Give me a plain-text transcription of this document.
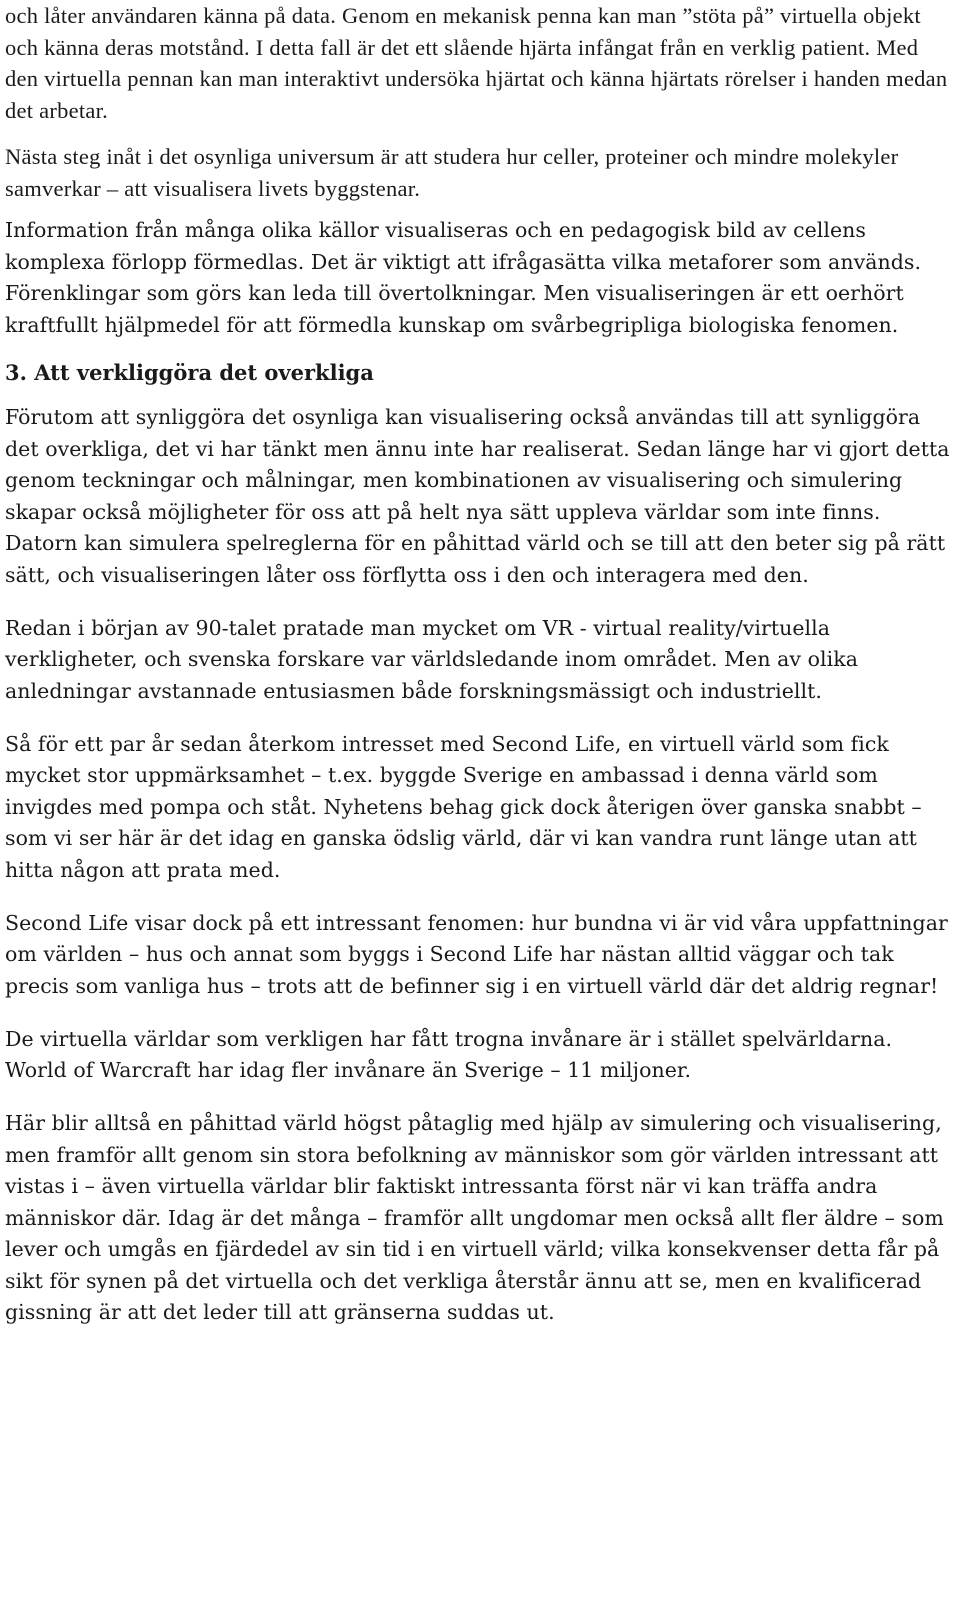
och låter användaren känna på data. Genom en mekanisk penna kan man ”stöta på” virtuella objekt och känna deras motstånd. I detta fall är det ett slående hjärta infångat från en verklig patient. Med den virtuella pennan kan man interaktivt undersöka hjärtat och känna hjärtats rörelser i handen medan det arbetar.

Nästa steg inåt i det osynliga universum är att studera hur celler, proteiner och mindre molekyler samverkar – att visualisera livets byggstenar.

Information från många olika källor visualiseras och en pedagogisk bild av cellens komplexa förlopp förmedlas. Det är viktigt att ifrågasätta vilka metaforer som används. Förenklingar som görs kan leda till övertolkningar. Men visualiseringen är ett oerhört kraftfullt hjälpmedel för att förmedla kunskap om svårbegripliga biologiska fenomen.

3. Att verkliggöra det overkliga

Förutom att synliggöra det osynliga kan visualisering också användas till att synliggöra det overkliga, det vi har tänkt men ännu inte har realiserat. Sedan länge har vi gjort detta genom teckningar och målningar, men kombinationen av visualisering och simulering skapar också möjligheter för oss att på helt nya sätt uppleva världar som inte finns. Datorn kan simulera spelreglerna för en påhittad värld och se till att den beter sig på rätt sätt, och visualiseringen låter oss förflytta oss i den och interagera med den.

Redan i början av 90-talet pratade man mycket om VR - virtual reality/virtuella verkligheter, och svenska forskare var världsledande inom området. Men av olika anledningar avstannade entusiasmen både forskningsmässigt och industriellt.

Så för ett par år sedan återkom intresset med Second Life, en virtuell värld som fick mycket stor uppmärksamhet – t.ex. byggde Sverige en ambassad i denna värld som invigdes med pompa och ståt. Nyhetens behag gick dock återigen över ganska snabbt – som vi ser här är det idag en ganska ödslig värld, där vi kan vandra runt länge utan att hitta någon att prata med.

Second Life visar dock på ett intressant fenomen: hur bundna vi är vid våra uppfattningar om världen – hus och annat som byggs i Second Life har nästan alltid väggar och tak precis som vanliga hus – trots att de befinner sig i en virtuell värld där det aldrig regnar!

De virtuella världar som verkligen har fått trogna invånare är i stället spelvärldarna. World of Warcraft har idag fler invånare än Sverige – 11 miljoner.

Här blir alltså en påhittad värld högst påtaglig med hjälp av simulering och visualisering, men framför allt genom sin stora befolkning av människor som gör världen intressant att vistas i – även virtuella världar blir faktiskt intressanta först när vi kan träffa andra människor där. Idag är det många – framför allt ungdomar men också allt fler äldre – som lever och umgås en fjärdedel av sin tid i en virtuell värld; vilka konsekvenser detta får på sikt för synen på det virtuella och det verkliga återstår ännu att se, men en kvalificerad gissning är att det leder till att gränserna suddas ut.
